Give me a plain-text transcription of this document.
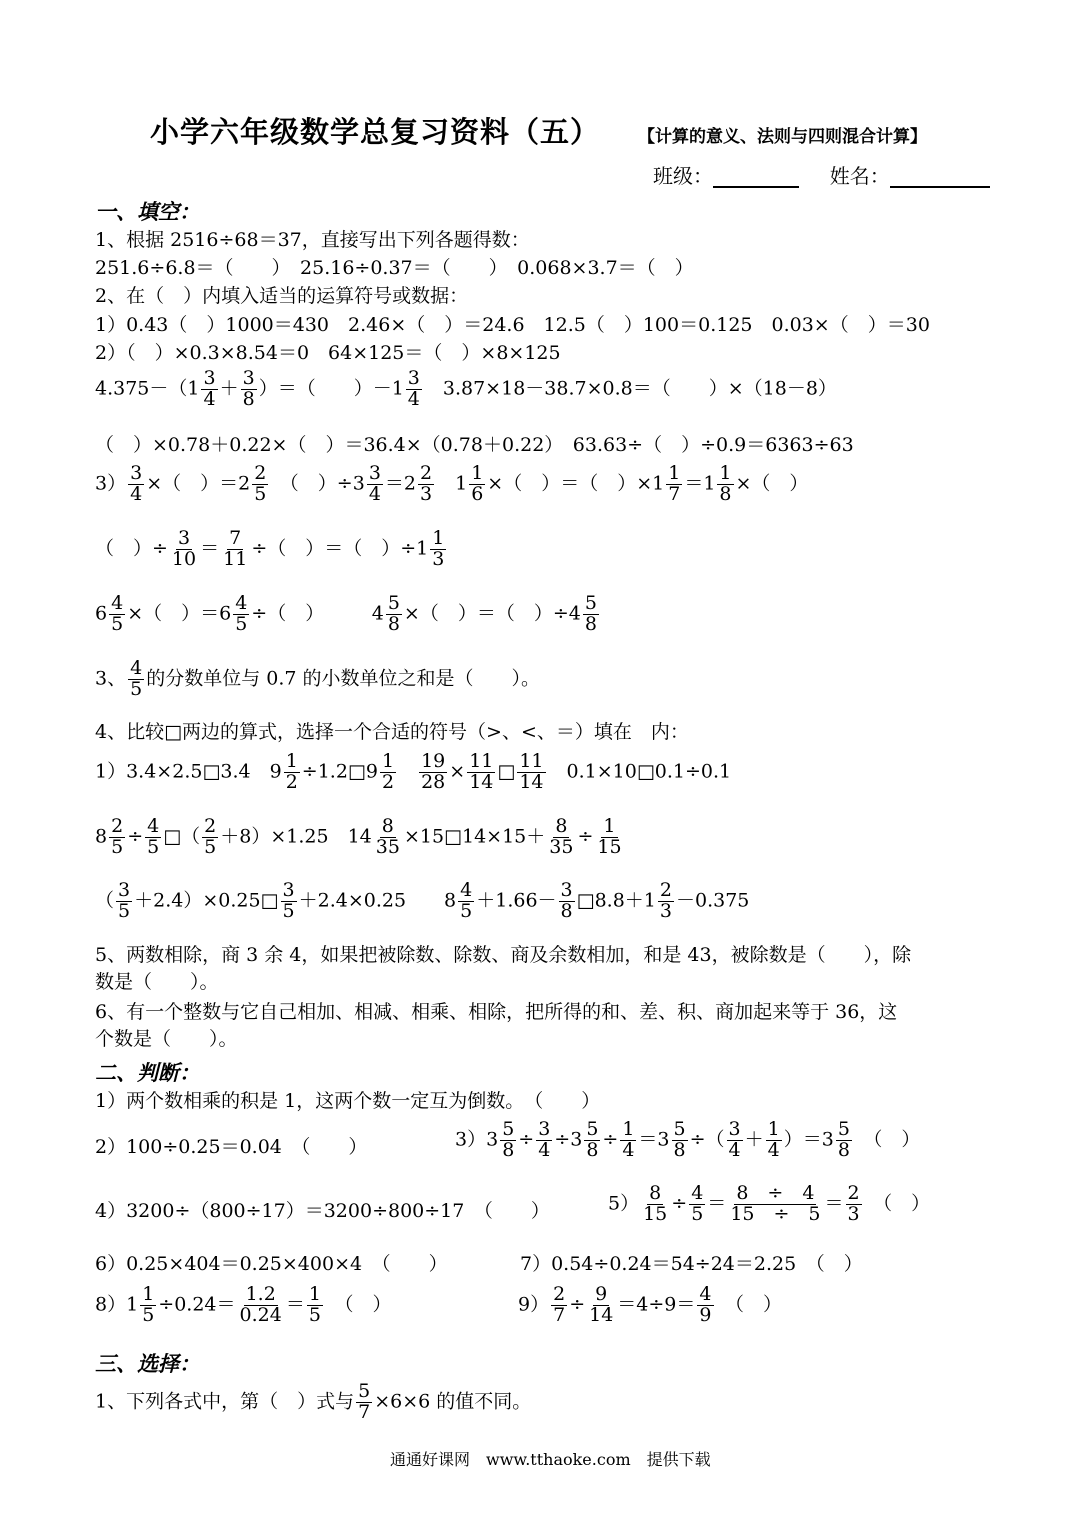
小学六年级数学总复习资料（五） 【计算的意义、法则与四则混合计算】
班级：	姓名：
一、填空：
1、根据 2516÷68＝37，直接写出下列各题得数：
251.6÷6.8＝（　　）　25.16÷0.37＝（　　）　0.068×3.7＝（　）
2、在（　）内填入适当的运算符号或数据：
1）0.43（　）1000＝430　2.46×（　）＝24.6　12.5（　）100＝0.125　0.03×（　）＝30
2）（　）×0.3×8.54＝0　64×125＝（　）×8×125
$4.375-(1 \frac{3}{4} + \frac{3}{8}$ ）＝（　　）$-1 \frac{3}{4}$ 　3.87×18－38.7×0.8＝（　　）×（18－8）
（　）×0.78＋0.22×（　）＝36.4×（0.78＋0.22）　63.63÷（　）÷0.9＝6363÷63
$3) \frac{3}{4}$ ×（　）$=2 \frac{2}{5}$ 　（　）$\div 3 \frac{3}{4} =2 \frac{2}{3}$ 　$1 \frac{1}{6}$ ×（　）＝（　）$\times 1 \frac{1}{7} =1 \frac{1}{8}$ ×（　）
（　）÷ $\frac{3}{10} = \frac{7}{11}$ ÷（　）＝（　）$\div 1 \frac{1}{3}$
$6 \frac{4}{5}$ ×（　）$=6 \frac{4}{5}$ ÷（　）　　　$4 \frac{5}{8}$ ×（　）＝（　）$\div 4 \frac{5}{8}$
3、 $\frac{4}{5}$ 的分数单位与 0.7 的小数单位之和是（　　）。
4、比较□两边的算式，选择一个合适的符号（>、<、＝）填在　内：
1）3.4×2.5□3.4　$9 \frac{1}{2}$ ÷1.2□9 $\frac{1}{2}$
　 $\frac{19}{28} \times \frac{11}{14}$ □ $\frac{11}{14}$ 　0.1×10□0.1÷0.1
$8 \frac{2}{5} \div \frac{4}{5}$ □（ $\frac{2}{5} +8)\times 1.25$　$14 \frac{8}{35}$ ×15□14×15＋ $\frac{8}{35} \div \frac{1}{15}$
（ $\frac{3}{5}$ ＋2.4）×0.25□ $\frac{3}{5} +2.4\times 0.25$　　$8 \frac{4}{5} +1.66- \frac{3}{8}$ □8.8＋1 $\frac{2}{3} -0.375$
5、两数相除，商 3 余 4，如果把被除数、除数、商及余数相加，和是 43，被除数是（　　），除
数是（　　）。
6、有一个整数与它自己相加、相减、相乘、相除，把所得的和、差、积、商加起来等于 36，这
个数是（　　）。
二、判断：
1）两个数相乘的积是 1，这两个数一定互为倒数。　（　　）
2）100÷0.25＝0.04　（　　）	$3)3 \frac{5}{8} \div \frac{3}{4} \div 3 \frac{5}{8} \div \frac{1}{4} =3 \frac{5}{8}$ ÷（ $\frac{3}{4} + \frac{1}{4} )=3 \frac{5}{8}$ 　（　）
4）3200÷（800÷17）＝3200÷800÷17　（　　）	$5) \frac{8}{15} \div \frac{4}{5} = \frac{8 \div 4}{15 \div 5} = \frac{2}{3}$ 　（　）
6）0.25×404＝0.25×400×4　（　　）	7）0.54÷0.24＝54÷24＝2.25　（　）
$8)1 \frac{1}{5} \div 0.24= \frac{1.2}{0.24} = \frac{1}{5}$ 　（　）	$9) \frac{2}{7} \div \frac{9}{14} =4\div 9= \frac{4}{9}$ 　（　）
三、选择：
1、下列各式中，第（　）式与 $\frac{5}{7} \times 6\times 6$ 的值不同。
通通好课网　www.tthaoke.com　提供下载
